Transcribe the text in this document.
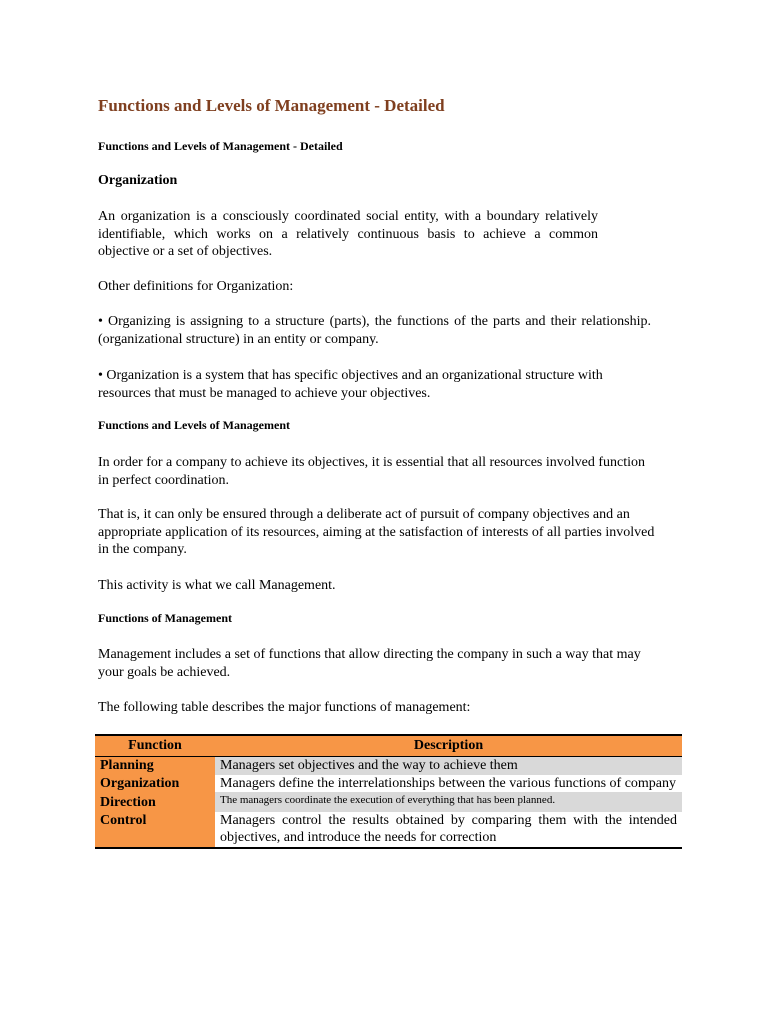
Functions and Levels of Management - Detailed

Functions and Levels of Management - Detailed

Organization

An organization is a consciously coordinated social entity, with a boundary relatively identifiable, which works on a relatively continuous basis to achieve a common objective or a set of objectives.

Other definitions for Organization:

• Organizing is assigning to a structure (parts), the functions of the parts and their relationship. (organizational structure) in an entity or company.

• Organization is a system that has specific objectives and an organizational structure with resources that must be managed to achieve your objectives.

Functions and Levels of Management

In order for a company to achieve its objectives, it is essential that all resources involved function in perfect coordination.

That is, it can only be ensured through a deliberate act of pursuit of company objectives and an appropriate application of its resources, aiming at the satisfaction of interests of all parties involved in the company.

This activity is what we call Management.

Functions of Management

Management includes a set of functions that allow directing the company in such a way that may your goals be achieved.

The following table describes the major functions of management:

Function	Description
Planning	Managers set objectives and the way to achieve them
Organization	Managers define the interrelationships between the various functions of company
Direction	The managers coordinate the execution of everything that has been planned.
Control	Managers control the results obtained by comparing them with the intended objectives, and introduce the needs for correction
